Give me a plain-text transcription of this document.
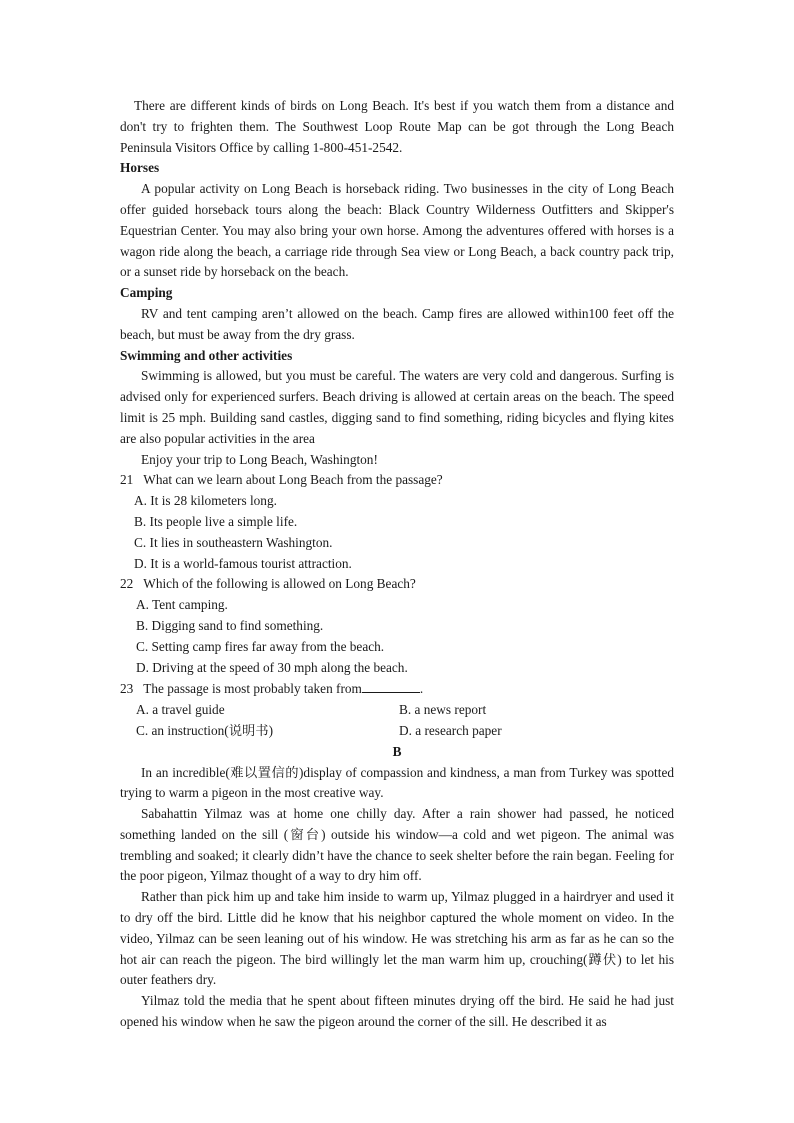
There are different kinds of birds on Long Beach. It's best if you watch them from a distance and don't try to frighten them. The Southwest Loop Route Map can be got through the Long Beach Peninsula Visitors Office by calling 1-800-451-2542.

Horses

A popular activity on Long Beach is horseback riding. Two businesses in the city of Long Beach offer guided horseback tours along the beach: Black Country Wilderness Outfitters and Skipper's Equestrian Center. You may also bring your own horse. Among the adventures offered with horses is a wagon ride along the beach, a carriage ride through Sea view or Long Beach, a back country pack trip, or a sunset ride by horseback on the beach.

Camping

RV and tent camping aren’t allowed on the beach. Camp fires are allowed within100 feet off the beach, but must be away from the dry grass.

Swimming and other activities

Swimming is allowed, but you must be careful. The waters are very cold and dangerous. Surfing is advised only for experienced surfers. Beach driving is allowed at certain areas on the beach. The speed limit is 25 mph. Building sand castles, digging sand to find something, riding bicycles and flying kites are also popular activities in the area

Enjoy your trip to Long Beach, Washington!

21 What can we learn about Long Beach from the passage?
A. It is 28 kilometers long.
B. Its people live a simple life.
C. It lies in southeastern Washington.
D. It is a world-famous tourist attraction.
22 Which of the following is allowed on Long Beach?
A. Tent camping.
B. Digging sand to find something.
C. Setting camp fires far away from the beach.
D. Driving at the speed of 30 mph along the beach.
23 The passage is most probably taken from	.
A. a travel guide	B. a news report
C. an instruction(说明书)	D. a research paper
B

In an incredible(难以置信的)display of compassion and kindness, a man from Turkey was spotted trying to warm a pigeon in the most creative way.

Sabahattin Yilmaz was at home one chilly day. After a rain shower had passed, he noticed something landed on the sill (窗台) outside his window—a cold and wet pigeon. The animal was trembling and soaked; it clearly didn’t have the chance to seek shelter before the rain began. Feeling for the poor pigeon, Yilmaz thought of a way to dry him off.

Rather than pick him up and take him inside to warm up, Yilmaz plugged in a hairdryer and used it to dry off the bird. Little did he know that his neighbor captured the whole moment on video. In the video, Yilmaz can be seen leaning out of his window. He was stretching his arm as far as he can so the hot air can reach the pigeon. The bird willingly let the man warm him up, crouching(蹲伏) to let his outer feathers dry.

Yilmaz told the media that he spent about fifteen minutes drying off the bird. He said he had just opened his window when he saw the pigeon around the corner of the sill. He described it as
